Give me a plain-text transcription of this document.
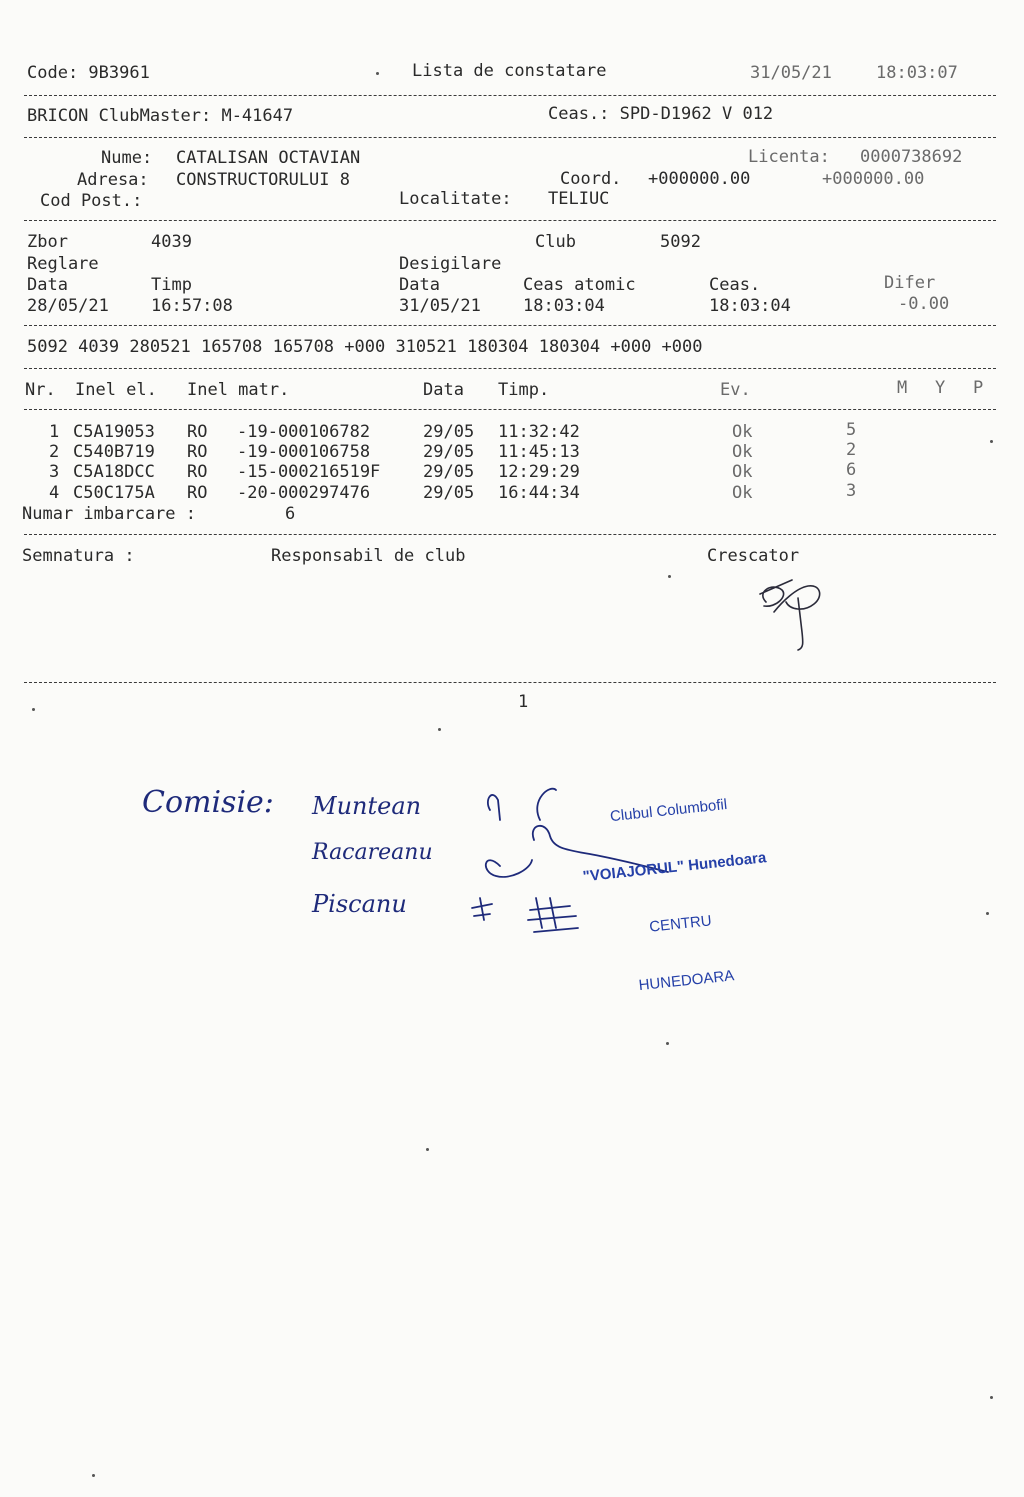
Code: 9B3961	Lista de constatare	31/05/21	18:03:07
BRICON ClubMaster: M-41647	Ceas.: SPD-D1962 V 012
Nume: CATALISAN OCTAVIAN	Licenta: 0000738692
Adresa: CONSTRUCTORULUI 8	Coord. +000000.00	+000000.00
Cod Post.:	Localitate: TELIUC
Zbor	4039	Club	5092
Reglare	Desigilare
Data	Timp	Data	Ceas atomic	Ceas.	Difer
28/05/21 16:57:08	31/05/21 18:03:04	18:03:04	-0.00
5092 4039 280521 165708 165708 +000 310521 180304 180304 +000 +000
Nr. Inel el. Inel matr.	Data Timp.	Ev.	M Y P
1 C5A19053 RO -19-000106782	29/05 11:32:42	Ok	5
2 C540B719 RO -19-000106758	29/05 11:45:13	Ok	2
3 C5A18DCC RO -15-000216519F	29/05 12:29:29	Ok	6
4 C50C175A RO -20-000297476	29/05 16:44:34	Ok	3
Numar imbarcare :	6
Semnatura :	Responsabil de club	Crescator
1
Comisie: Muntean
Racareanu
Piscanu

Clubul Columbofil

"VOIAJORUL" Hunedoara

CENTRU

HUNEDOARA
